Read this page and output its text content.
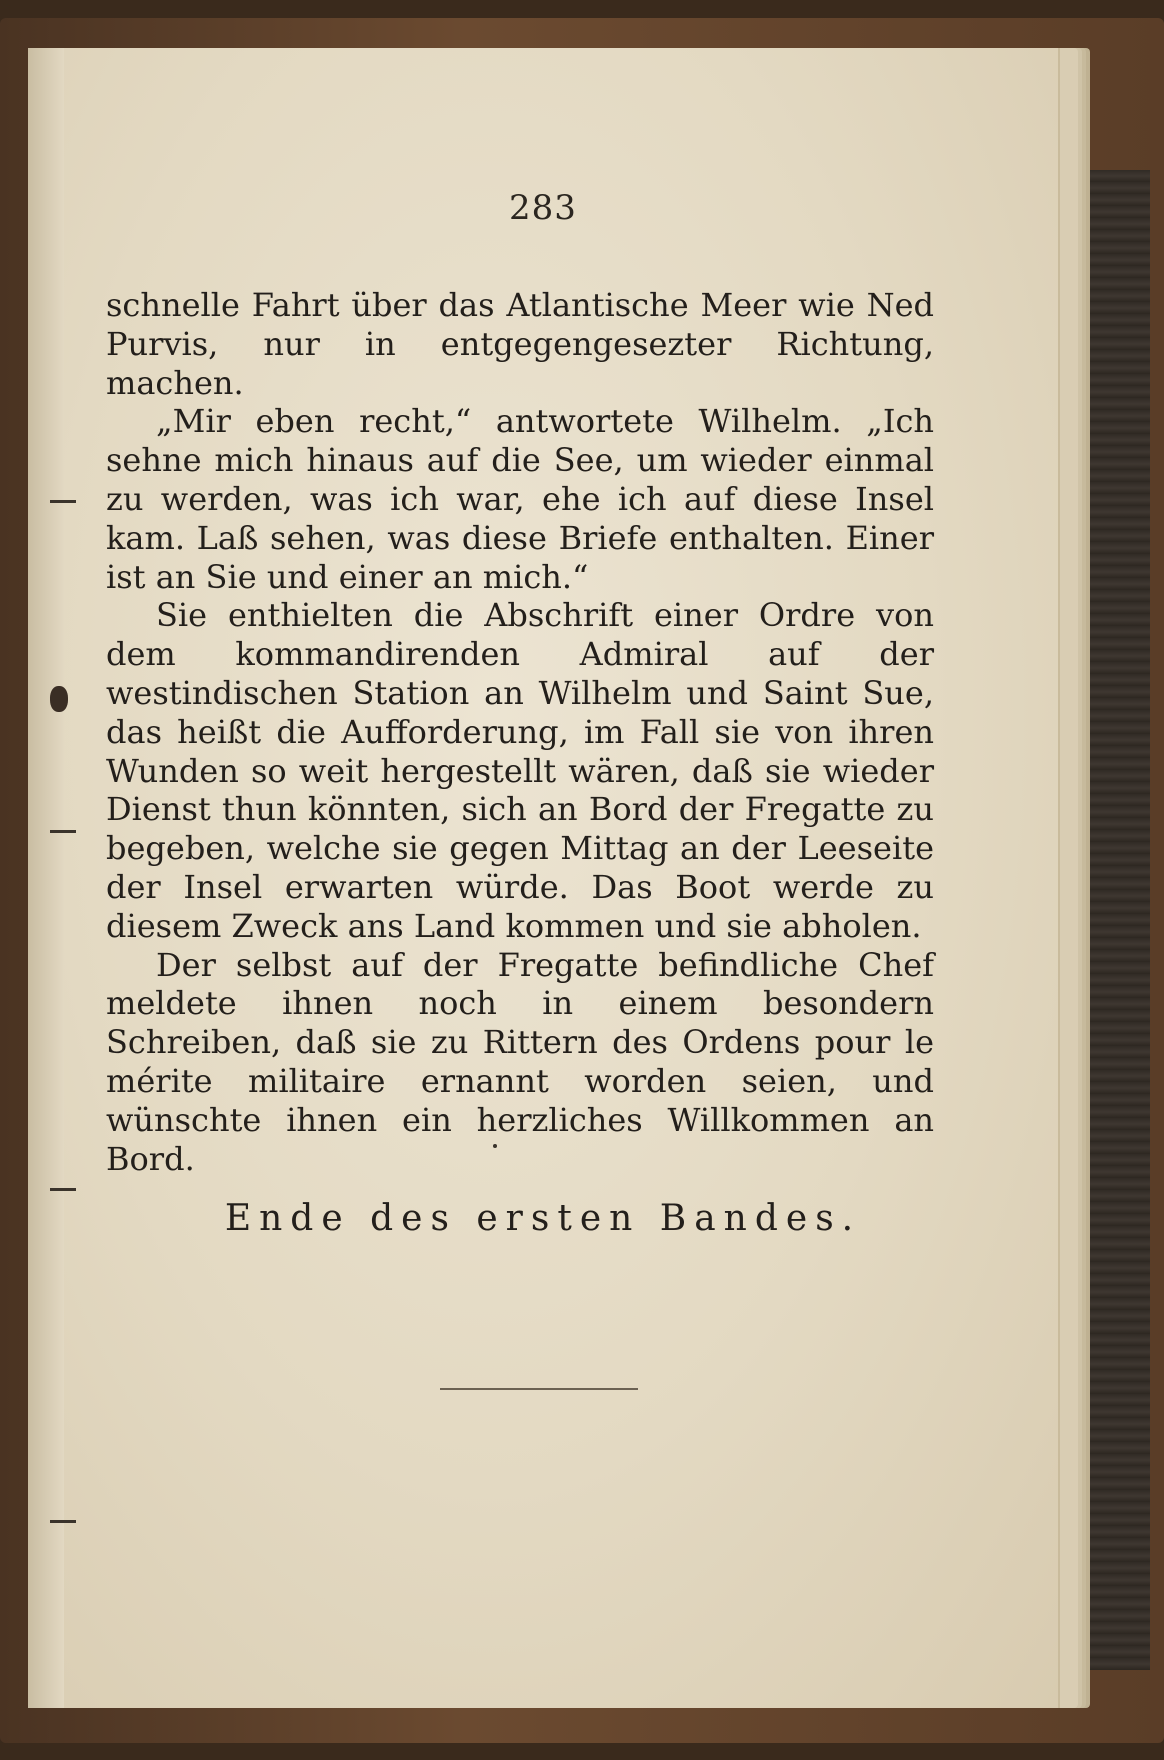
283

schnelle Fahrt über das Atlantische Meer wie Ned Purvis, nur in entgegengesezter Richtung, machen.

„Mir eben recht,“ antwortete Wilhelm. „Ich sehne mich hinaus auf die See, um wieder einmal zu werden, was ich war, ehe ich auf diese Insel kam. Laß sehen, was diese Briefe enthalten. Einer ist an Sie und einer an mich.“

Sie enthielten die Abschrift einer Ordre von dem kommandirenden Admiral auf der westindischen Station an Wilhelm und Saint Sue, das heißt die Aufforderung, im Fall sie von ihren Wunden so weit hergestellt wären, daß sie wieder Dienst thun könnten, sich an Bord der Fregatte zu begeben, welche sie gegen Mittag an der Leeseite der Insel erwarten würde. Das Boot werde zu diesem Zweck ans Land kommen und sie abholen.

Der selbst auf der Fregatte befindliche Chef meldete ihnen noch in einem besondern Schreiben, daß sie zu Rittern des Ordens pour le mérite militaire ernannt worden seien, und wünschte ihnen ein herzliches Willkommen an Bord.

Ende des ersten Bandes.
